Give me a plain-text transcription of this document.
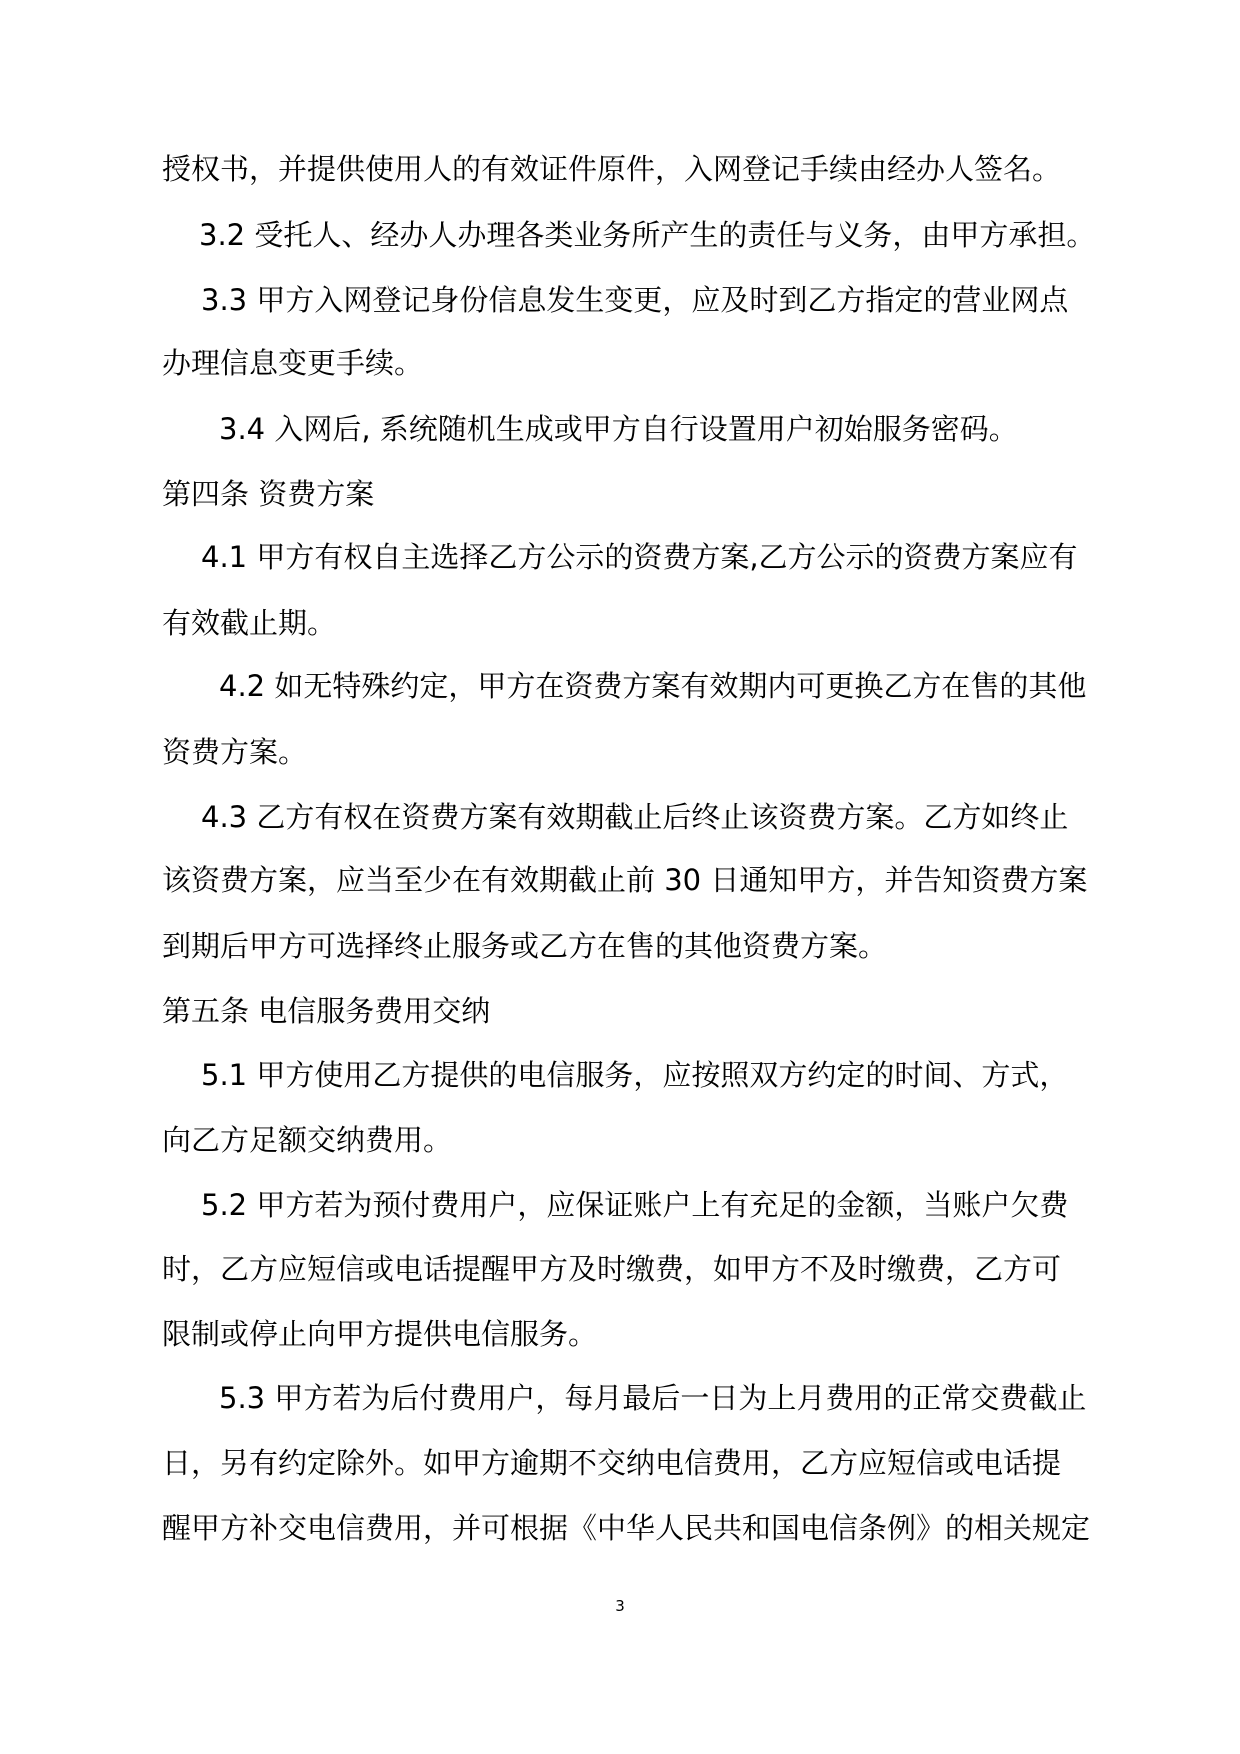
授权书，并提供使用人的有效证件原件，入网登记手续由经办人签名。

3.2 受托人、经办人办理各类业务所产生的责任与义务，由甲方承担。

3.3 甲方入网登记身份信息发生变更，应及时到乙方指定的营业网点

办理信息变更手续。

3.4 入网后, 系统随机生成或甲方自行设置用户初始服务密码。

第四条 资费方案

4.1 甲方有权自主选择乙方公示的资费方案,乙方公示的资费方案应有

有效截止期。

4.2 如无特殊约定，甲方在资费方案有效期内可更换乙方在售的其他

资费方案。

4.3 乙方有权在资费方案有效期截止后终止该资费方案。乙方如终止

该资费方案，应当至少在有效期截止前 30 日通知甲方，并告知资费方案

到期后甲方可选择终止服务或乙方在售的其他资费方案。

第五条 电信服务费用交纳

5.1 甲方使用乙方提供的电信服务，应按照双方约定的时间、方式，

向乙方足额交纳费用。

5.2 甲方若为预付费用户，应保证账户上有充足的金额，当账户欠费

时，乙方应短信或电话提醒甲方及时缴费，如甲方不及时缴费，乙方可

限制或停止向甲方提供电信服务。

5.3 甲方若为后付费用户，每月最后一日为上月费用的正常交费截止

日，另有约定除外。如甲方逾期不交纳电信费用，乙方应短信或电话提

醒甲方补交电信费用，并可根据《中华人民共和国电信条例》的相关规定

3
